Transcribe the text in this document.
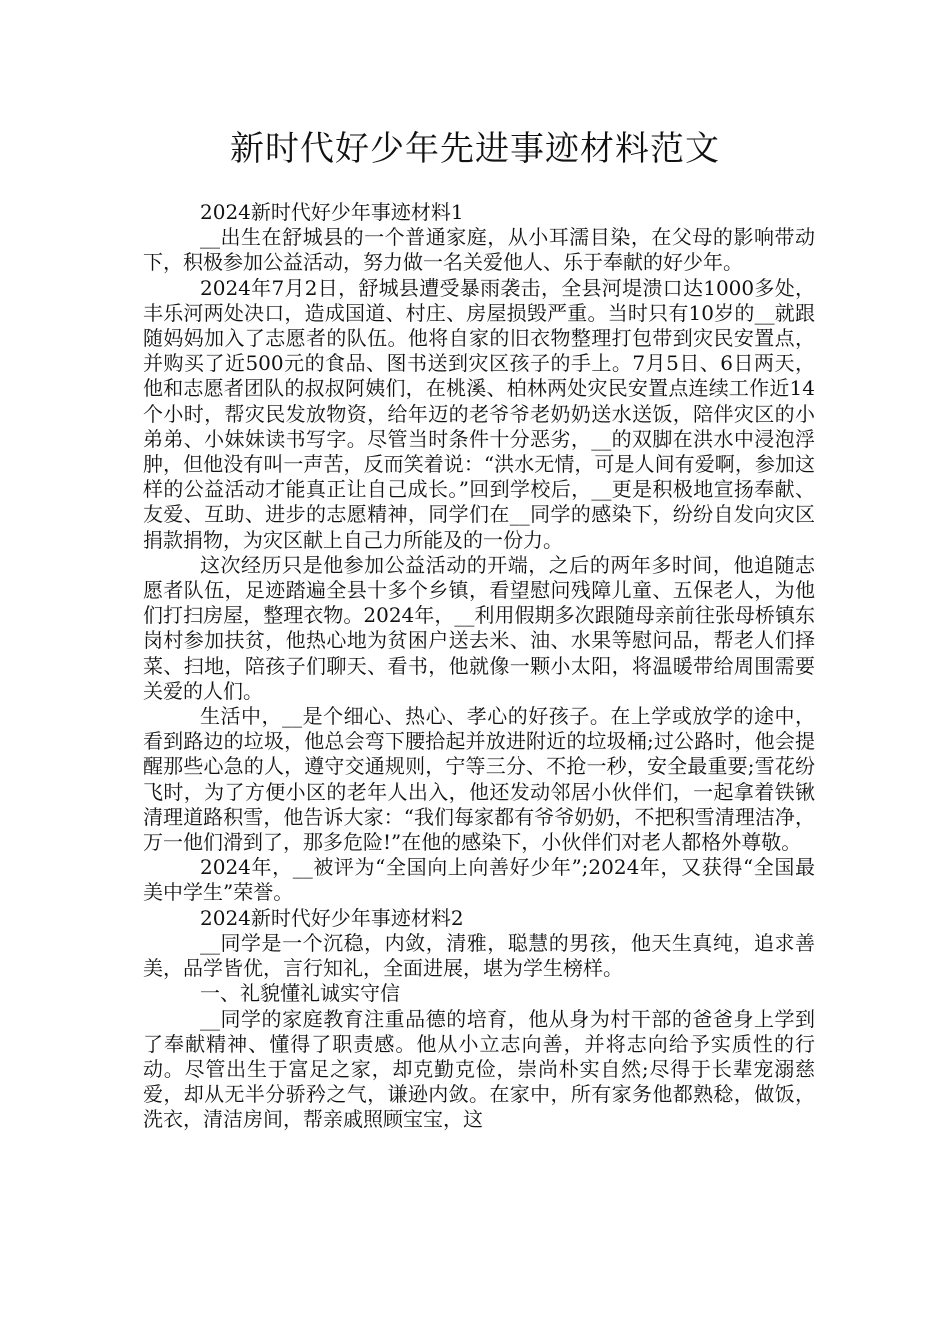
新时代好少年先进事迹材料范文

2024新时代好少年事迹材料1

__出生在舒城县的一个普通家庭，从小耳濡目染，在父母的影响带动下，积极参加公益活动，努力做一名关爱他人、乐于奉献的好少年。

2024年7月2日，舒城县遭受暴雨袭击，全县河堤溃口达1000多处，丰乐河两处决口，造成国道、村庄、房屋损毁严重。当时只有10岁的__就跟随妈妈加入了志愿者的队伍。他将自家的旧衣物整理打包带到灾民安置点，并购买了近500元的食品、图书送到灾区孩子的手上。7月5日、6日两天，他和志愿者团队的叔叔阿姨们，在桃溪、柏林两处灾民安置点连续工作近14个小时，帮灾民发放物资，给年迈的老爷爷老奶奶送水送饭，陪伴灾区的小弟弟、小妹妹读书写字。尽管当时条件十分恶劣，__的双脚在洪水中浸泡浮肿，但他没有叫一声苦，反而笑着说：“洪水无情，可是人间有爱啊，参加这样的公益活动才能真正让自己成长。”回到学校后，__更是积极地宣扬奉献、友爱、互助、进步的志愿精神，同学们在__同学的感染下，纷纷自发向灾区捐款捐物，为灾区献上自己力所能及的一份力。

这次经历只是他参加公益活动的开端，之后的两年多时间，他追随志愿者队伍，足迹踏遍全县十多个乡镇，看望慰问残障儿童、五保老人，为他们打扫房屋，整理衣物。2024年，__利用假期多次跟随母亲前往张母桥镇东岗村参加扶贫，他热心地为贫困户送去米、油、水果等慰问品，帮老人们择菜、扫地，陪孩子们聊天、看书，他就像一颗小太阳，将温暖带给周围需要关爱的人们。

生活中，__是个细心、热心、孝心的好孩子。在上学或放学的途中，看到路边的垃圾，他总会弯下腰拾起并放进附近的垃圾桶;过公路时，他会提醒那些心急的人，遵守交通规则，宁等三分、不抢一秒，安全最重要;雪花纷飞时，为了方便小区的老年人出入，他还发动邻居小伙伴们，一起拿着铁锹清理道路积雪，他告诉大家：“我们每家都有爷爷奶奶，不把积雪清理洁净，万一他们滑到了，那多危险!”在他的感染下，小伙伴们对老人都格外尊敬。

2024年，__被评为“全国向上向善好少年”;2024年，又获得“全国最美中学生”荣誉。

2024新时代好少年事迹材料2

__同学是一个沉稳，内敛，清雅，聪慧的男孩，他天生真纯，追求善美，品学皆优，言行知礼，全面进展，堪为学生榜样。

一、礼貌懂礼诚实守信

__同学的家庭教育注重品德的培育，他从身为村干部的爸爸身上学到了奉献精神、懂得了职责感。他从小立志向善，并将志向给予实质性的行动。尽管出生于富足之家，却克勤克俭，崇尚朴实自然;尽得于长辈宠溺慈爱，却从无半分骄矜之气，谦逊内敛。在家中，所有家务他都熟稔，做饭，洗衣，清洁房间，帮亲戚照顾宝宝，这
